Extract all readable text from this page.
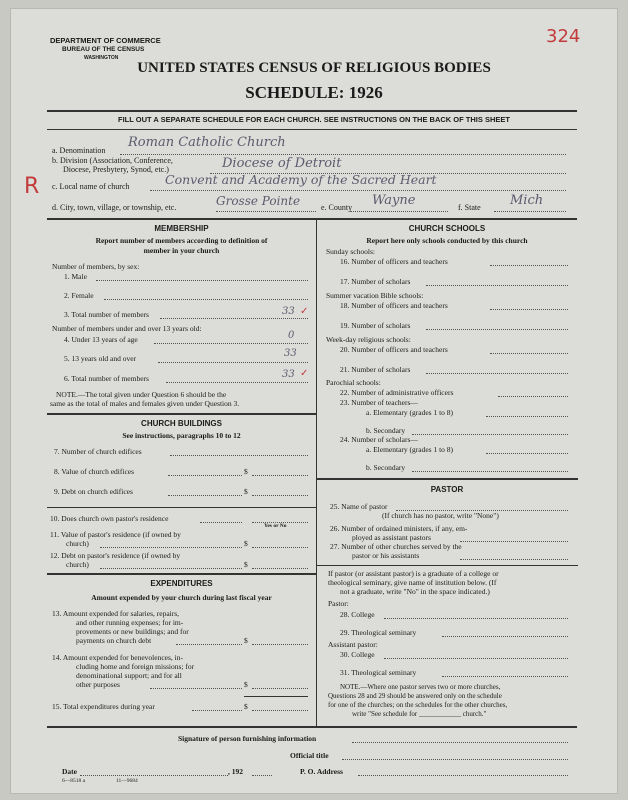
DEPARTMENT OF COMMERCE
BUREAU OF THE CENSUS
WASHINGTON
UNITED STATES CENSUS OF RELIGIOUS BODIES
SCHEDULE: 1926
324
FILL OUT A SEPARATE SCHEDULE FOR EACH CHURCH. SEE INSTRUCTIONS ON THE BACK OF THIS SHEET
a. Denomination
Roman Catholic Church
b. Division (Association, Conference,
Diocese, Presbytery, Synod, etc.)	Diocese of Detroit
c. Local name of church	Convent and Academy of the Sacred Heart
R
d. City, town, village, or township, etc.	Grosse Pointe	e. County Wayne	f. State Mich
MEMBERSHIP
Report number of members according to definition of
member in your church
Number of members, by sex:
1. Male
2. Female
3. Total number of members	33 ✓
Number of members under and over 13 years old:
4. Under 13 years of age	0
5. 13 years old and over	33
6. Total number of members	33 ✓
NOTE.—The total given under Question 6 should be the
same as the total of males and females given under Question 3.
CHURCH BUILDINGS
See instructions, paragraphs 10 to 12
7. Number of church edifices
8. Value of church edifices	$
9. Debt on church edifices	$
10. Does church own pastor's residence
Yes or No
11. Value of pastor's residence (if owned by
church)	$
12. Debt on pastor's residence (if owned by
church)	$
EXPENDITURES
Amount expended by your church during last fiscal year
13. Amount expended for salaries, repairs,
and other running expenses; for im-
provements or new buildings; and for
payments on church debt	$
14. Amount expended for benevolences, in-
cluding home and foreign missions; for
denominational support; and for all
other purposes	$
15. Total expenditures during year	$
CHURCH SCHOOLS
Report here only schools conducted by this church
Sunday schools:
16. Number of officers and teachers
17. Number of scholars
Summer vacation Bible schools:
18. Number of officers and teachers
19. Number of scholars
Week-day religious schools:
20. Number of officers and teachers
21. Number of scholars
Parochial schools:
22. Number of administrative officers
23. Number of teachers—
a. Elementary (grades 1 to 8)
b. Secondary
24. Number of scholars—
a. Elementary (grades 1 to 8)
b. Secondary
PASTOR
25. Name of pastor
(If church has no pastor, write "None")
26. Number of ordained ministers, if any, em-
ployed as assistant pastors
27. Number of other churches served by the
pastor or his assistants
If pastor (or assistant pastor) is a graduate of a college or
theological seminary, give name of institution below. (If
not a graduate, write "No" in the space indicated.)
Pastor:
28. College
29. Theological seminary
Assistant pastor:
30. College
31. Theological seminary
NOTE.—Where one pastor serves two or more churches,
Questions 28 and 29 should be answered only on the schedule
for one of the churches; on the schedules for the other churches,
write "See schedule for ____________ church."
Signature of person furnishing information
Official title
Date	, 192	P. O. Address
6—8518 a	11—9684
